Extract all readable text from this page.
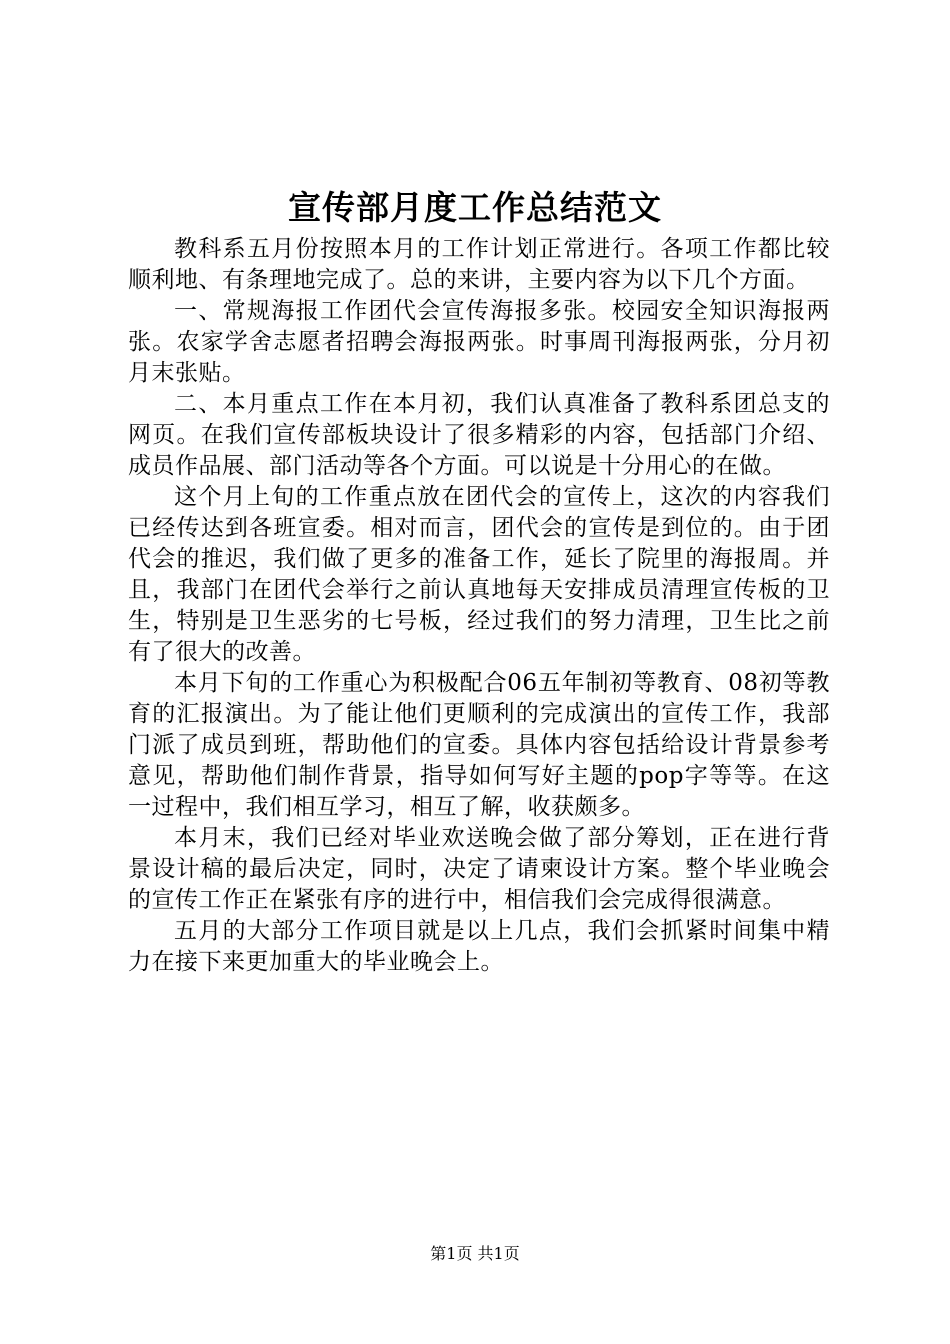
宣传部月度工作总结范文

教科系五月份按照本月的工作计划正常进行。各项工作都比较顺利地、有条理地完成了。总的来讲，主要内容为以下几个方面。

一、常规海报工作团代会宣传海报多张。校园安全知识海报两张。农家学舍志愿者招聘会海报两张。时事周刊海报两张，分月初月末张贴。

二、本月重点工作在本月初，我们认真准备了教科系团总支的网页。在我们宣传部板块设计了很多精彩的内容，包括部门介绍、成员作品展、部门活动等各个方面。可以说是十分用心的在做。

这个月上旬的工作重点放在团代会的宣传上，这次的内容我们已经传达到各班宣委。相对而言，团代会的宣传是到位的。由于团代会的推迟，我们做了更多的准备工作，延长了院里的海报周。并且，我部门在团代会举行之前认真地每天安排成员清理宣传板的卫生，特别是卫生恶劣的七号板，经过我们的努力清理，卫生比之前有了很大的改善。

本月下旬的工作重心为积极配合06五年制初等教育、08初等教育的汇报演出。为了能让他们更顺利的完成演出的宣传工作，我部门派了成员到班，帮助他们的宣委。具体内容包括给设计背景参考意见，帮助他们制作背景，指导如何写好主题的pop字等等。在这一过程中，我们相互学习，相互了解，收获颇多。

本月末，我们已经对毕业欢送晚会做了部分筹划，正在进行背景设计稿的最后决定，同时，决定了请柬设计方案。整个毕业晚会的宣传工作正在紧张有序的进行中，相信我们会完成得很满意。

五月的大部分工作项目就是以上几点，我们会抓紧时间集中精力在接下来更加重大的毕业晚会上。

第1页 共1页
